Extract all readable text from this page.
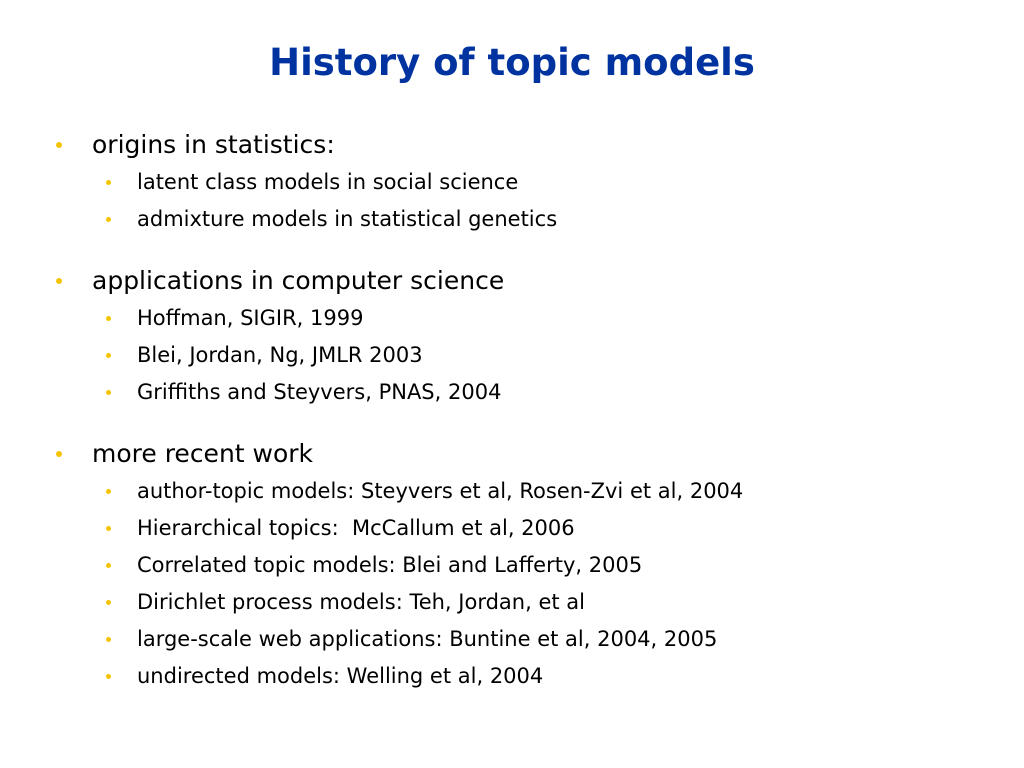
History of topic models
origins in statistics:
latent class models in social science
admixture models in statistical genetics
applications in computer science
Hoffman, SIGIR, 1999
Blei, Jordan, Ng, JMLR 2003
Griffiths and Steyvers, PNAS, 2004
more recent work
author-topic models: Steyvers et al, Rosen-Zvi et al, 2004
Hierarchical topics:  McCallum et al, 2006
Correlated topic models: Blei and Lafferty, 2005
Dirichlet process models: Teh, Jordan, et al
large-scale web applications: Buntine et al, 2004, 2005
undirected models: Welling et al, 2004
